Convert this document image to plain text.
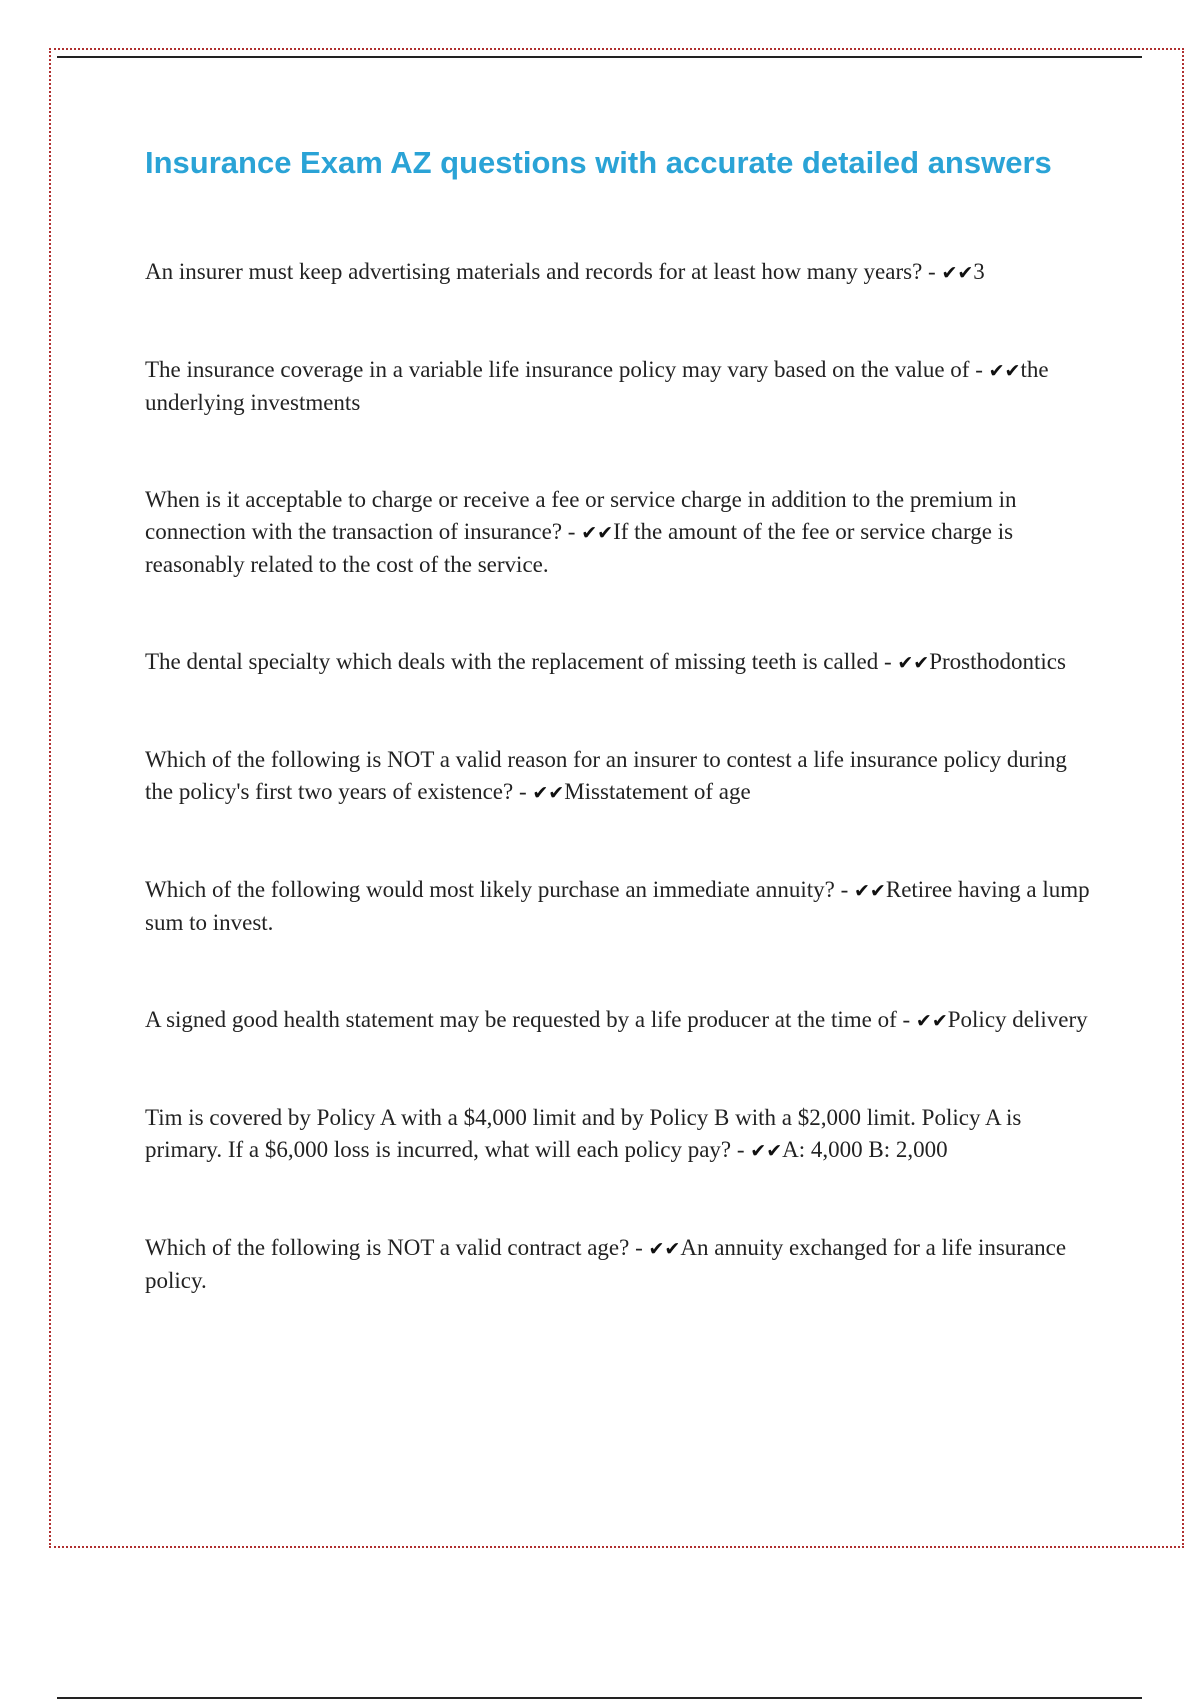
Insurance Exam AZ questions with accurate detailed answers

An insurer must keep advertising materials and records for at least how many years? - ✔✔3

The insurance coverage in a variable life insurance policy may vary based on the value of - ✔✔the underlying investments

When is it acceptable to charge or receive a fee or service charge in addition to the premium in connection with the transaction of insurance? - ✔✔If the amount of the fee or service charge is reasonably related to the cost of the service.

The dental specialty which deals with the replacement of missing teeth is called - ✔✔Prosthodontics

Which of the following is NOT a valid reason for an insurer to contest a life insurance policy during the policy's first two years of existence? - ✔✔Misstatement of age

Which of the following would most likely purchase an immediate annuity? - ✔✔Retiree having a lump sum to invest.

A signed good health statement may be requested by a life producer at the time of - ✔✔Policy delivery

Tim is covered by Policy A with a $4,000 limit and by Policy B with a $2,000 limit. Policy A is primary. If a $6,000 loss is incurred, what will each policy pay? - ✔✔A: 4,000 B: 2,000

Which of the following is NOT a valid contract age? - ✔✔An annuity exchanged for a life insurance policy.
